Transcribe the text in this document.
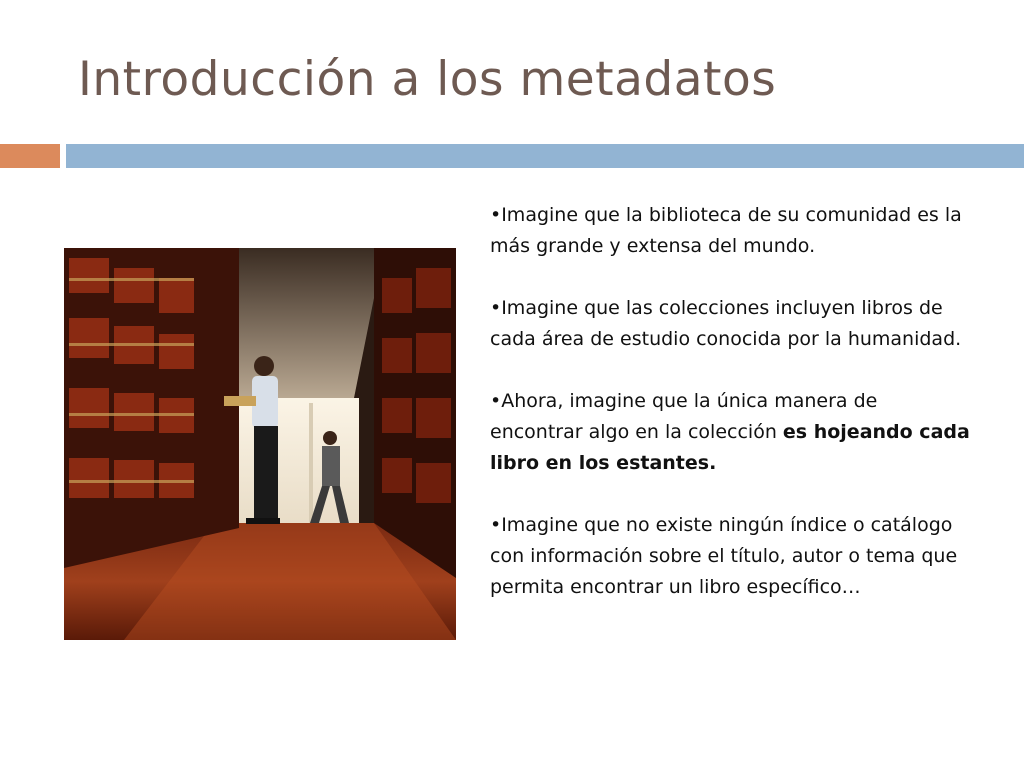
Introducción a los metadatos

•Imagine que la biblioteca de su comunidad es la más grande y extensa del mundo.

•Imagine que las colecciones incluyen libros de cada área de estudio conocida por la humanidad.

•Ahora, imagine que la única manera de encontrar algo en la colección es hojeando cada libro en los estantes.

•Imagine que no existe ningún índice o catálogo con información sobre el título, autor o tema que permita encontrar un libro específico…
